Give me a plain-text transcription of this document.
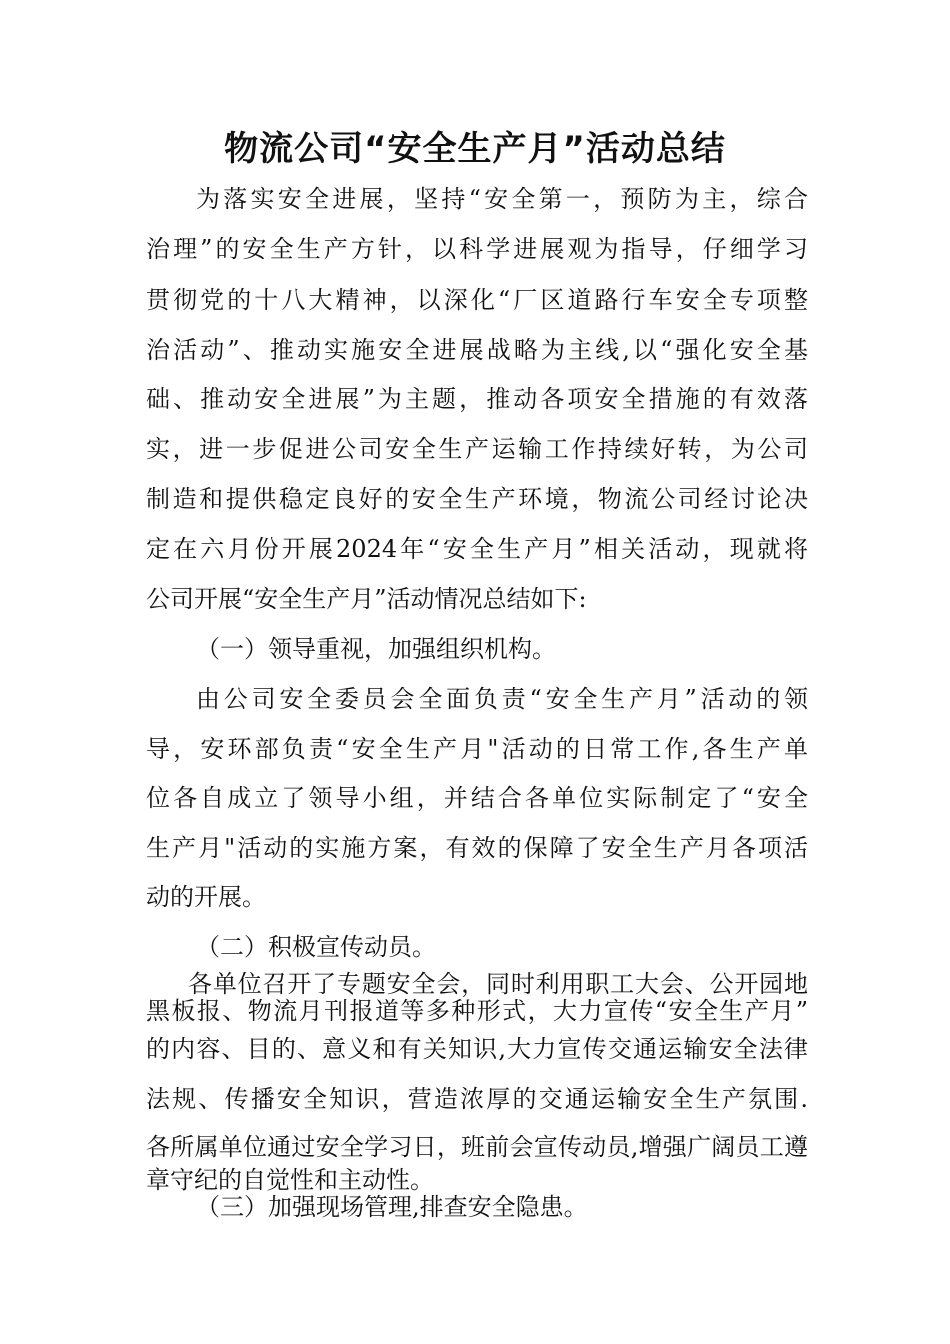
物流公司“安全生产月”活动总结
为落实安全进展，坚持“安全第一，预防为主，综合
治理”的安全生产方针，以科学进展观为指导，仔细学习
贯彻党的十八大精神，以深化“厂区道路行车安全专项整
治活动”、推动实施安全进展战略为主线,以“强化安全基
础、推动安全进展”为主题，推动各项安全措施的有效落
实，进一步促进公司安全生产运输工作持续好转，为公司
制造和提供稳定良好的安全生产环境，物流公司经讨论决
定在六月份开展2024年“安全生产月”相关活动，现就将
公司开展“安全生产月”活动情况总结如下:
（一）领导重视，加强组织机构。
由公司安全委员会全面负责“安全生产月”活动的领
导，安环部负责“安全生产月"活动的日常工作,各生产单
位各自成立了领导小组，并结合各单位实际制定了“安全
生产月"活动的实施方案，有效的保障了安全生产月各项活
动的开展。
（二）积极宣传动员。
各单位召开了专题安全会，同时利用职工大会、公开园地
黑板报、物流月刊报道等多种形式，大力宣传“安全生产月”
的内容、目的、意义和有关知识,大力宣传交通运输安全法律
法规、传播安全知识，营造浓厚的交通运输安全生产氛围.
各所属单位通过安全学习日，班前会宣传动员,增强广阔员工遵
章守纪的自觉性和主动性。
（三）加强现场管理,排查安全隐患。
